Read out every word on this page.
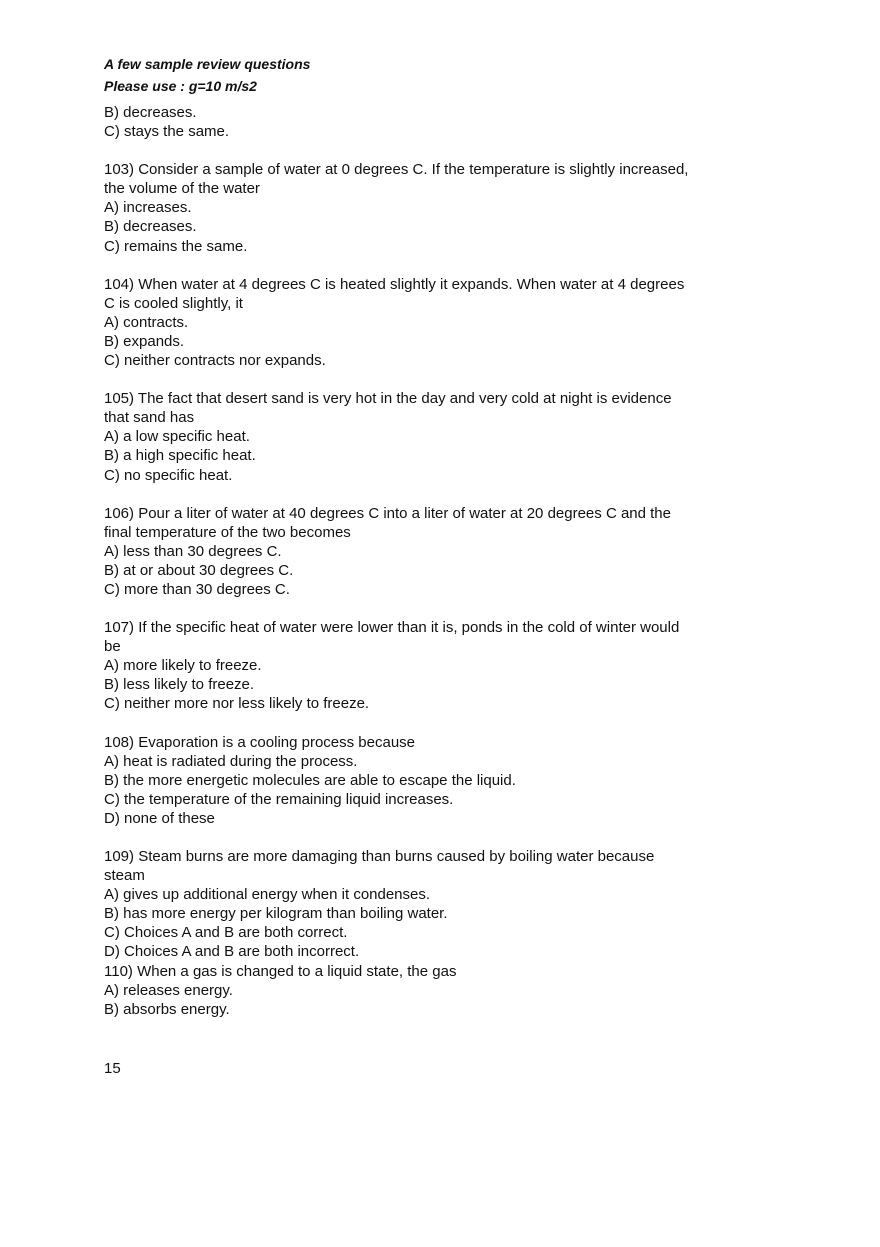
A few sample review questions
Please use : g=10 m/s2
B) decreases.
C) stays the same.
103) Consider a sample of water at 0 degrees C. If the temperature is slightly increased,
the volume of the water
A) increases.
B) decreases.
C) remains the same.
104) When water at 4 degrees C is heated slightly it expands. When water at 4 degrees
C is cooled slightly, it
A) contracts.
B) expands.
C) neither contracts nor expands.
105) The fact that desert sand is very hot in the day and very cold at night is evidence
that sand has
A) a low specific heat.
B) a high specific heat.
C) no specific heat.
106) Pour a liter of water at 40 degrees C into a liter of water at 20 degrees C and the
final temperature of the two becomes
A) less than 30 degrees C.
B) at or about 30 degrees C.
C) more than 30 degrees C.
107) If the specific heat of water were lower than it is, ponds in the cold of winter would
be
A) more likely to freeze.
B) less likely to freeze.
C) neither more nor less likely to freeze.
108) Evaporation is a cooling process because
A) heat is radiated during the process.
B) the more energetic molecules are able to escape the liquid.
C) the temperature of the remaining liquid increases.
D) none of these
109) Steam burns are more damaging than burns caused by boiling water because
steam
A) gives up additional energy when it condenses.
B) has more energy per kilogram than boiling water.
C) Choices A and B are both correct.
D) Choices A and B are both incorrect.
110) When a gas is changed to a liquid state, the gas
A) releases energy.
B) absorbs energy.
15
